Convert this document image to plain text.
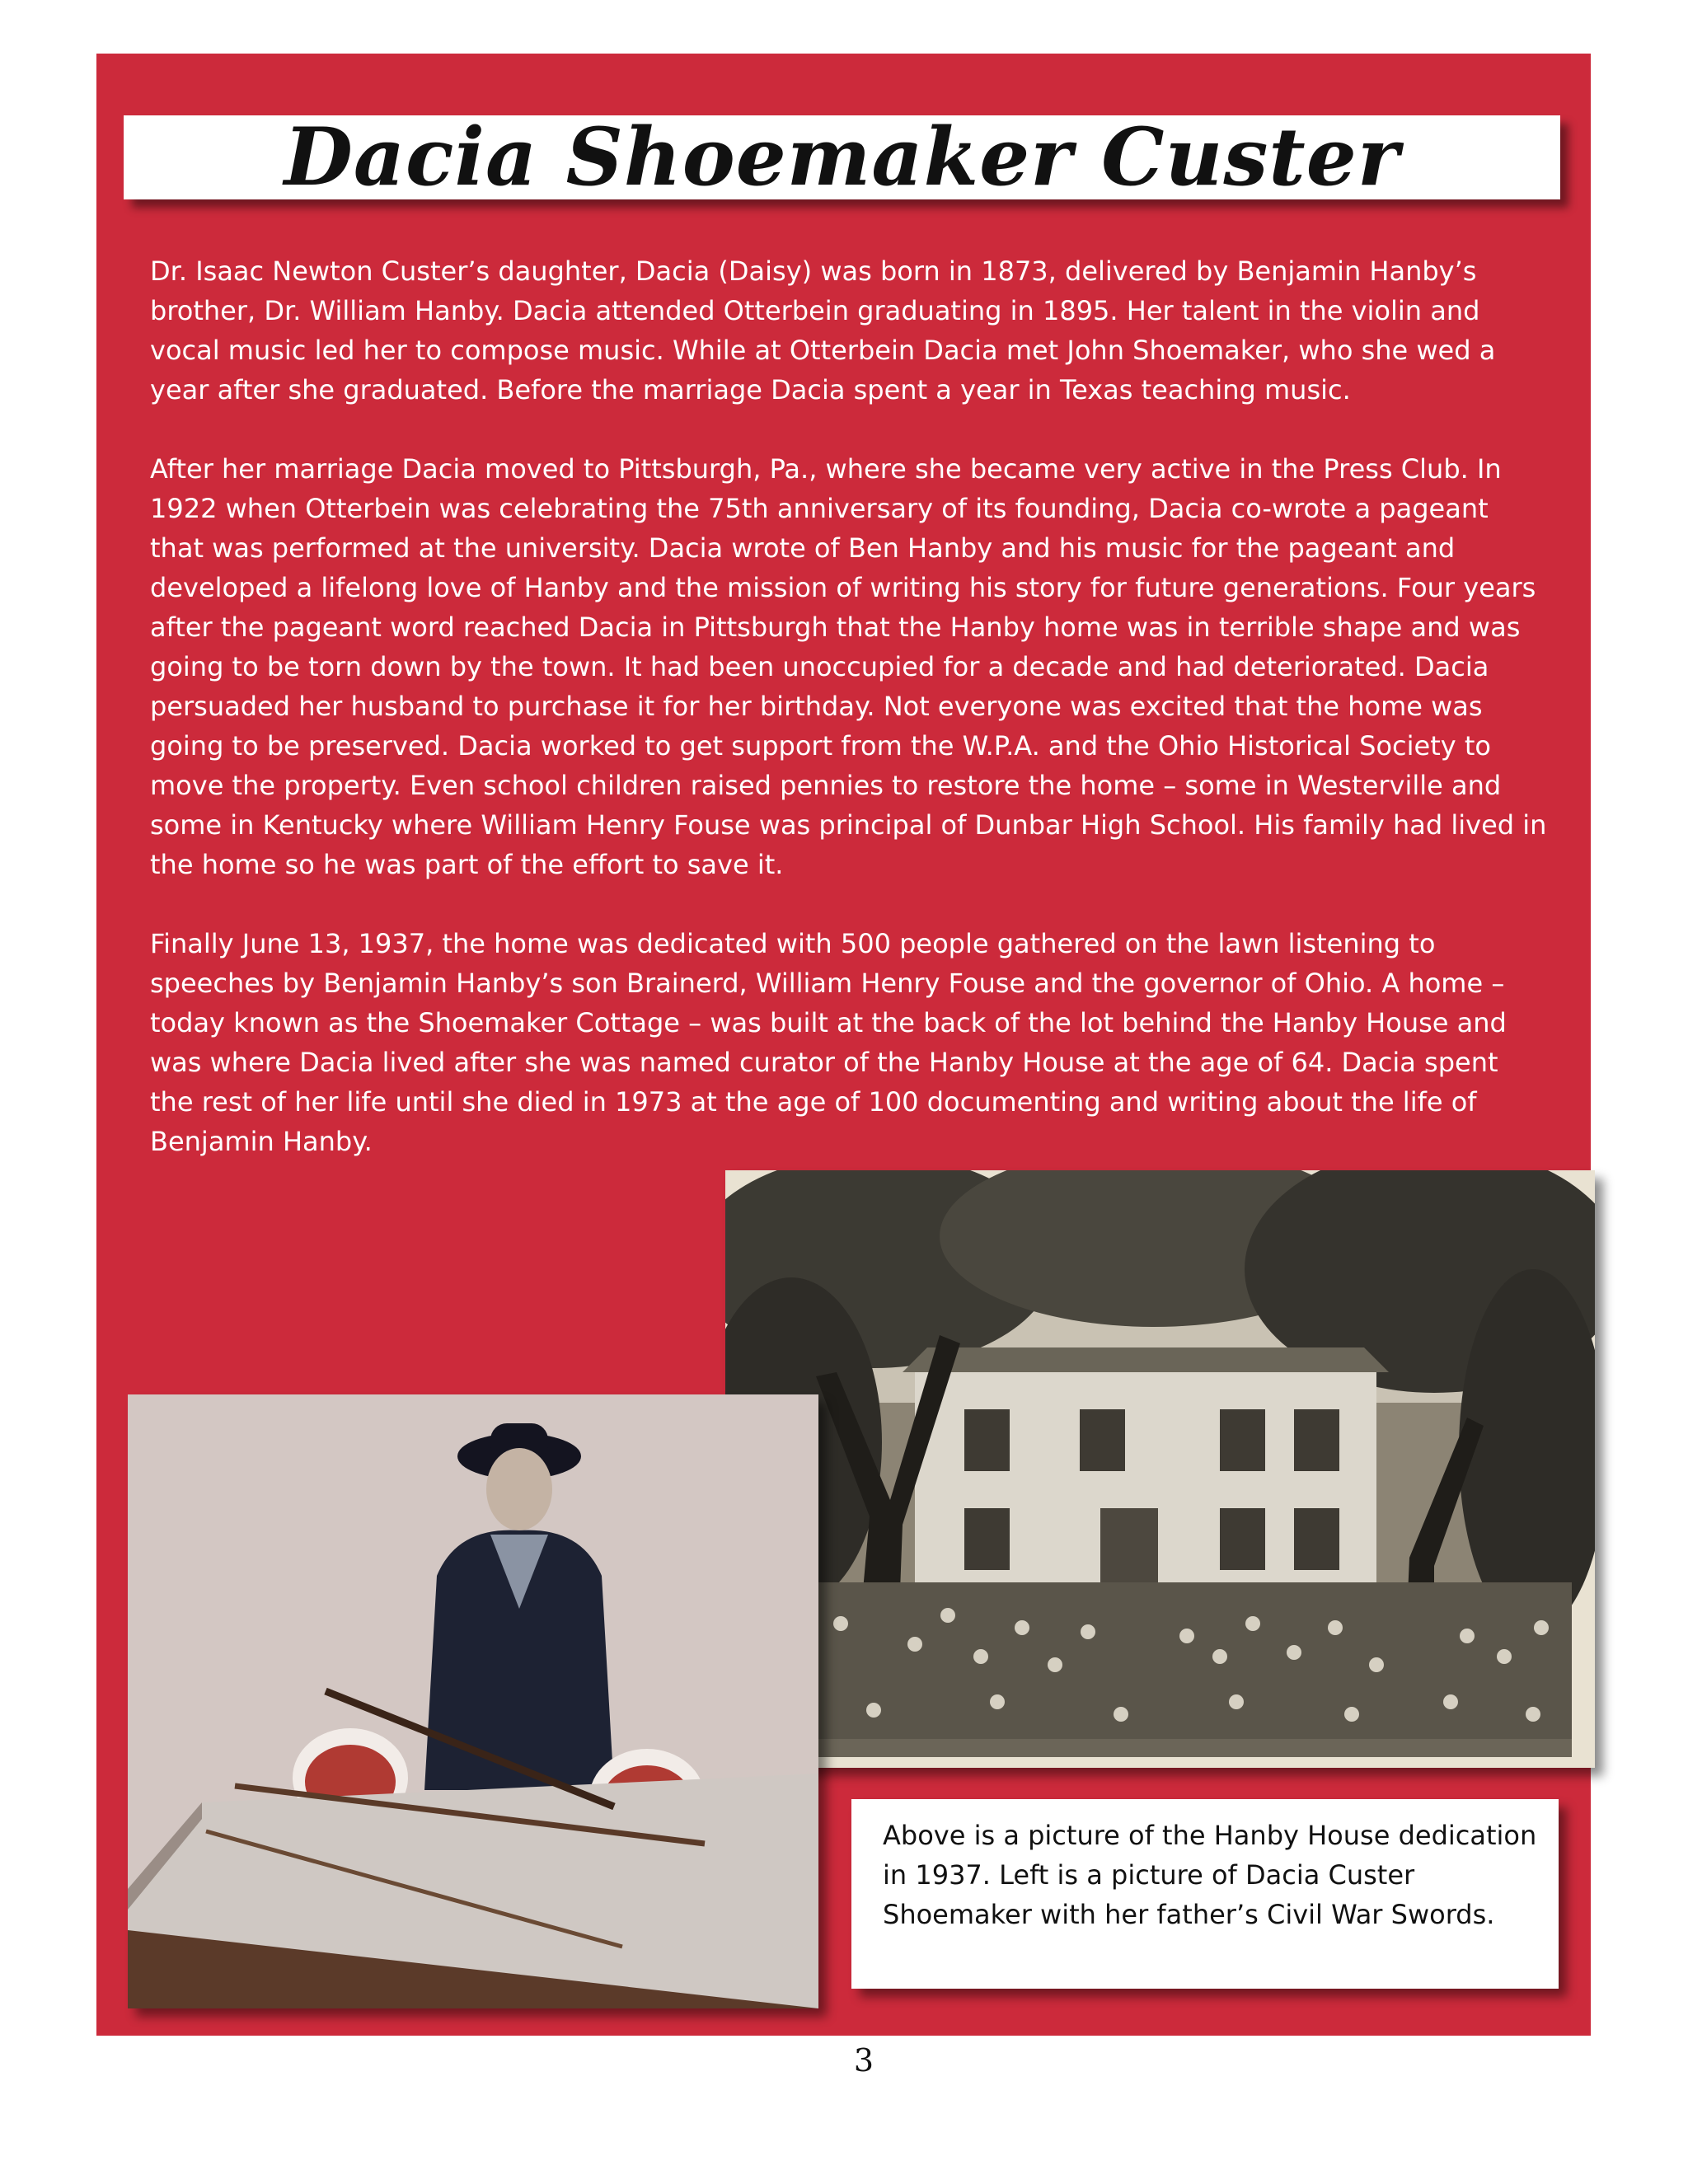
Dacia Shoemaker Custer

Dr. Isaac Newton Custer’s daughter, Dacia (Daisy) was born in 1873, delivered by Benjamin Hanby’s brother, Dr. William Hanby. Dacia attended Otterbein graduating in 1895. Her talent in the violin and vocal music led her to compose music. While at Otterbein Dacia met John Shoemaker, who she wed a year after she graduated. Before the marriage Dacia spent a year in Texas teaching music.

After her marriage Dacia moved to Pittsburgh, Pa., where she became very active in the Press Club. In 1922 when Otterbein was celebrating the 75th anniversary of its founding, Dacia co-wrote a pageant that was performed at the university. Dacia wrote of Ben Hanby and his music for the pageant and developed a lifelong love of Hanby and the mission of writing his story for future generations. Four years after the pageant word reached Dacia in Pittsburgh that the Hanby home was in terrible shape and was going to be torn down by the town. It had been unoccupied for a decade and had deteriorated. Dacia persuaded her husband to purchase it for her birthday. Not everyone was excited that the home was going to be preserved. Dacia worked to get support from the W.P.A. and the Ohio Historical Society to move the property. Even school children raised pennies to restore the home – some in Westerville and some in Kentucky where William Henry Fouse was principal of Dunbar High School. His family had lived in the home so he was part of the effort to save it.

Finally June 13, 1937, the home was dedicated with 500 people gathered on the lawn listening to speeches by Benjamin Hanby’s son Brainerd, William Henry Fouse and the governor of Ohio. A home – today known as the Shoemaker Cottage – was built at the back of the lot behind the Hanby House and was where Dacia lived after she was named curator of the Hanby House at the age of 64. Dacia spent the rest of her life until she died in 1973 at the age of 100 documenting and writing about the life of Benjamin Hanby.

Above is a picture of the Hanby House dedication in 1937. Left is a picture of Dacia Custer Shoemaker with her father’s Civil War Swords.
3
